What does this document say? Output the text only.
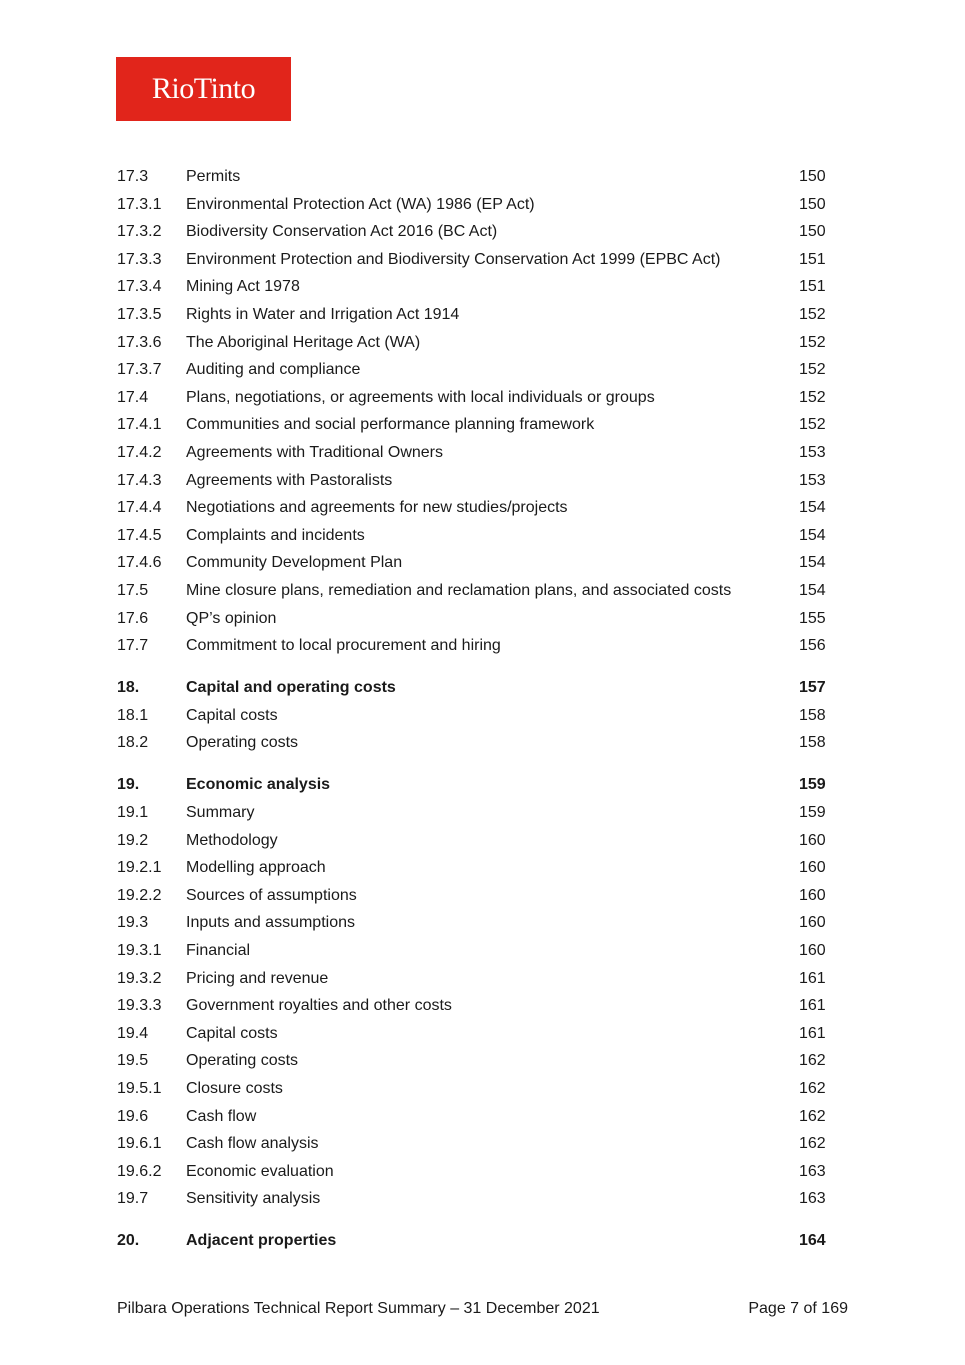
RioTinto
17.3 Permits	150
17.3.1 Environmental Protection Act (WA) 1986 (EP Act)	150
17.3.2 Biodiversity Conservation Act 2016 (BC Act)	150
17.3.3 Environment Protection and Biodiversity Conservation Act 1999 (EPBC Act)	151
17.3.4 Mining Act 1978	151
17.3.5 Rights in Water and Irrigation Act 1914	152
17.3.6 The Aboriginal Heritage Act (WA)	152
17.3.7 Auditing and compliance	152
17.4 Plans, negotiations, or agreements with local individuals or groups	152
17.4.1 Communities and social performance planning framework	152
17.4.2 Agreements with Traditional Owners	153
17.4.3 Agreements with Pastoralists	153
17.4.4 Negotiations and agreements for new studies/projects	154
17.4.5 Complaints and incidents	154
17.4.6 Community Development Plan	154
17.5 Mine closure plans, remediation and reclamation plans, and associated costs	154
17.6 QP’s opinion	155
17.7 Commitment to local procurement and hiring	156
18.	Capital and operating costs	157
18.1 Capital costs	158
18.2 Operating costs	158
19.	Economic analysis	159
19.1 Summary	159
19.2 Methodology	160
19.2.1 Modelling approach	160
19.2.2 Sources of assumptions	160
19.3 Inputs and assumptions	160
19.3.1 Financial	160
19.3.2 Pricing and revenue	161
19.3.3 Government royalties and other costs	161
19.4 Capital costs	161
19.5 Operating costs	162
19.5.1 Closure costs	162
19.6 Cash flow	162
19.6.1 Cash flow analysis	162
19.6.2 Economic evaluation	163
19.7 Sensitivity analysis	163
20.	Adjacent properties	164
Pilbara Operations Technical Report Summary – 31 December 2021	Page 7 of 169
